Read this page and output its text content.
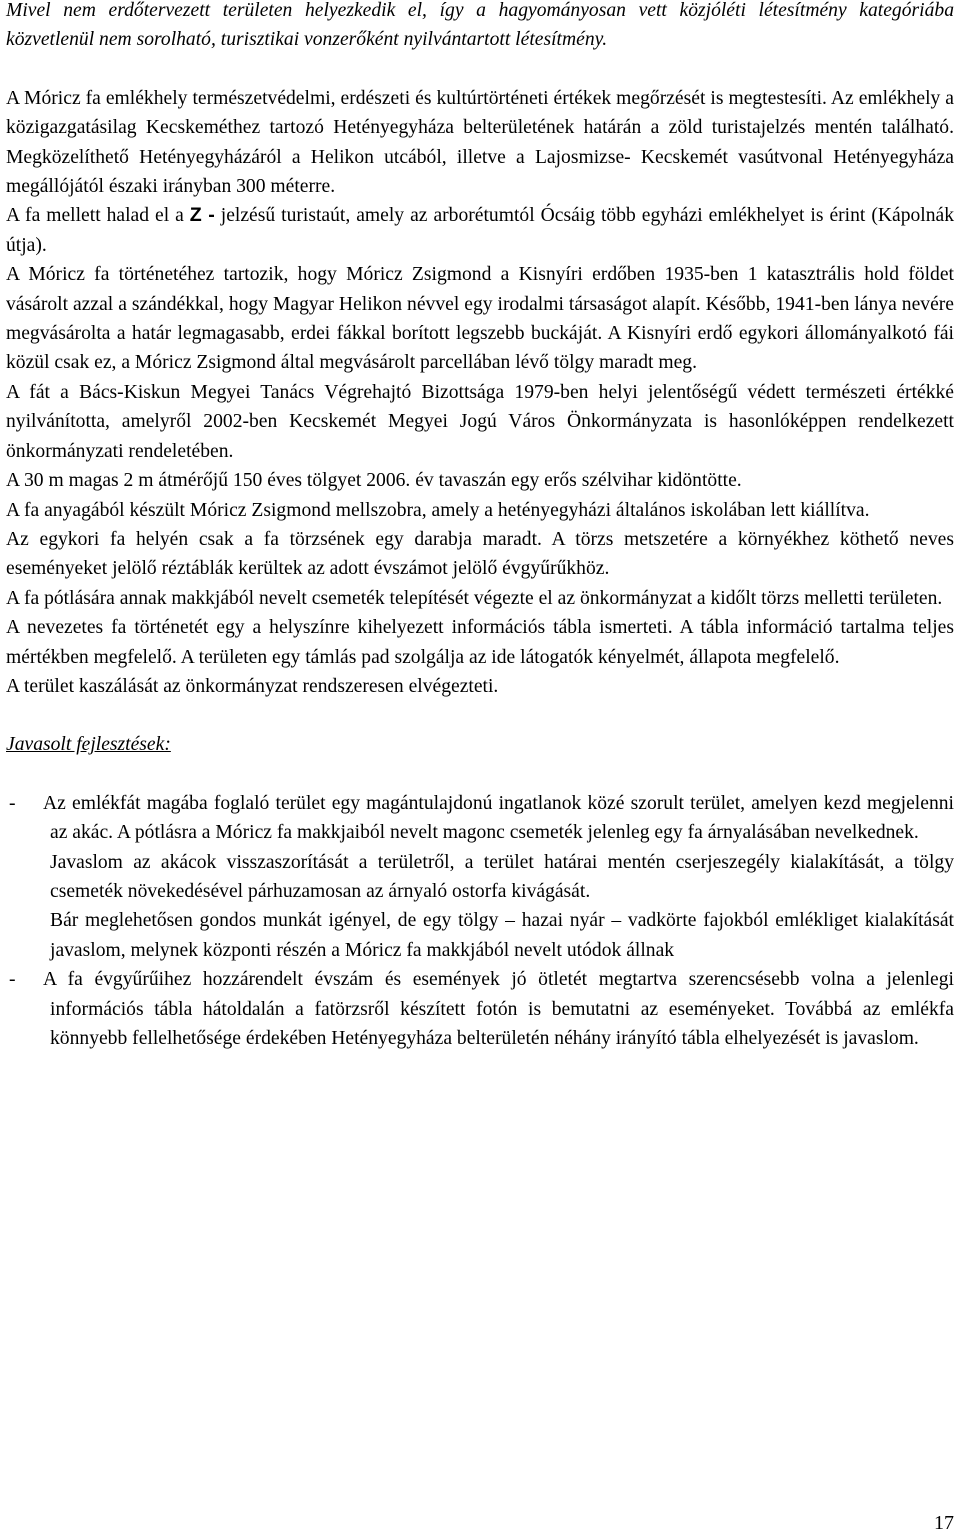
Mivel nem erdőtervezett területen helyezkedik el, így a hagyományosan vett közjóléti létesítmény kategóriába közvetlenül nem sorolható, turisztikai vonzerőként nyilvántartott létesítmény.

A Móricz fa emlékhely természetvédelmi, erdészeti és kultúrtörténeti értékek megőrzését is megtestesíti. Az emlékhely a közigazgatásilag Kecskeméthez tartozó Hetényegyháza belterületének határán a zöld turistajelzés mentén található. Megközelíthető Hetényegyházáról a Helikon utcából, illetve a Lajosmizse- Kecskemét vasútvonal Hetényegyháza megállójától északi irányban 300 méterre.

A fa mellett halad el a Z - jelzésű turistaút, amely az arborétumtól Ócsáig több egyházi emlékhelyet is érint (Kápolnák útja).

A Móricz fa történetéhez tartozik, hogy Móricz Zsigmond a Kisnyíri erdőben 1935-ben 1 katasztrális hold földet vásárolt azzal a szándékkal, hogy Magyar Helikon névvel egy irodalmi társaságot alapít. Később, 1941-ben lánya nevére megvásárolta a határ legmagasabb, erdei fákkal borított legszebb buckáját. A Kisnyíri erdő egykori állományalkotó fái közül csak ez, a Móricz Zsigmond által megvásárolt parcellában lévő tölgy maradt meg.

A fát a Bács-Kiskun Megyei Tanács Végrehajtó Bizottsága 1979-ben helyi jelentőségű védett természeti értékké nyilvánította, amelyről 2002-ben Kecskemét Megyei Jogú Város Önkormányzata is hasonlóképpen rendelkezett önkormányzati rendeletében.

A 30 m magas 2 m átmérőjű 150 éves tölgyet 2006. év tavaszán egy erős szélvihar kidöntötte.

A fa anyagából készült Móricz Zsigmond mellszobra, amely a hetényegyházi általános iskolában lett kiállítva.

Az egykori fa helyén csak a fa törzsének egy darabja maradt. A törzs metszetére a környékhez köthető neves eseményeket jelölő réztáblák kerültek az adott évszámot jelölő évgyűrűkhöz.

A fa pótlására annak makkjából nevelt csemeték telepítését végezte el az önkormányzat a kidőlt törzs melletti területen.

A nevezetes fa történetét egy a helyszínre kihelyezett információs tábla ismerteti. A tábla információ tartalma teljes mértékben megfelelő. A területen egy támlás pad szolgálja az ide látogatók kényelmét, állapota megfelelő.

A terület kaszálását az önkormányzat rendszeresen elvégezteti.

Javasolt fejlesztések:

- Az emlékfát magába foglaló terület egy magántulajdonú ingatlanok közé szorult terület, amelyen kezd megjelenni az akác. A pótlásra a Móricz fa makkjaiból nevelt magonc csemeték jelenleg egy fa árnyalásában nevelkednek.

Javaslom az akácok visszaszorítását a területről, a terület határai mentén cserjeszegély kialakítását, a tölgy csemeték növekedésével párhuzamosan az árnyaló ostorfa kivágását.

Bár meglehetősen gondos munkát igényel, de egy tölgy – hazai nyár – vadkörte fajokból emlékliget kialakítását javaslom, melynek központi részén a Móricz fa makkjából nevelt utódok állnak

- A fa évgyűrűihez hozzárendelt évszám és események jó ötletét megtartva szerencsésebb volna a jelenlegi információs tábla hátoldalán a fatörzsről készített fotón is bemutatni az eseményeket. Továbbá az emlékfa könnyebb fellelhetősége érdekében Hetényegyháza belterületén néhány irányító tábla elhelyezését is javaslom.

17
